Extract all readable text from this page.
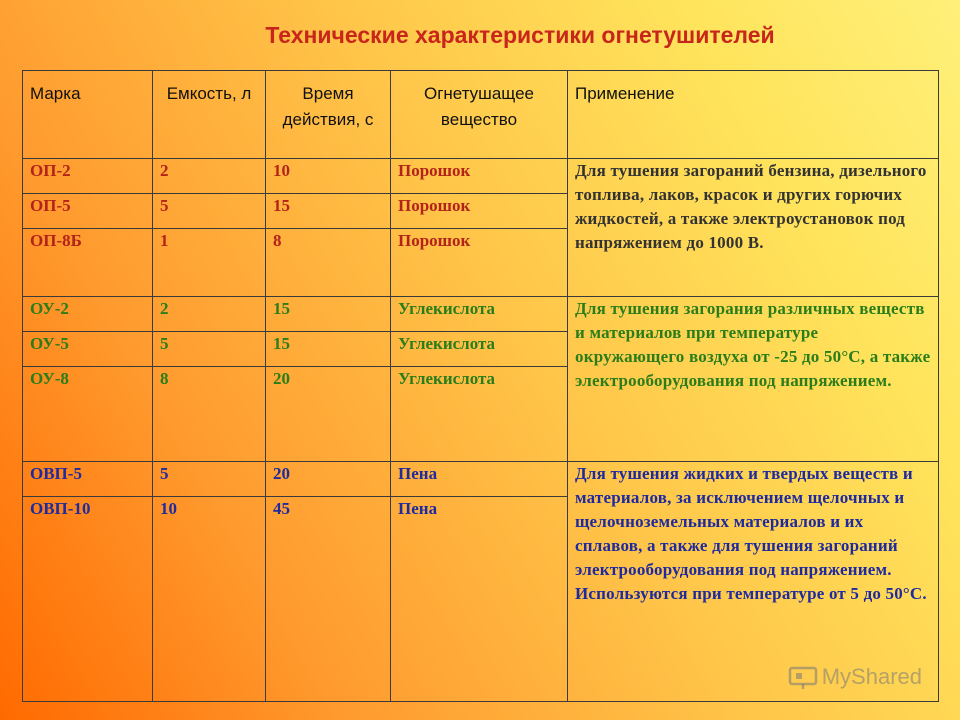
Технические характеристики огнетушителей
Марка	Емкость, л	Время действия, с	Огнетушащее вещество	Применение
ОП-2	2	10	Порошок	Для тушения загораний бензина, дизельного топлива, лаков, красок и других горючих жидкостей, а также электроустановок под напряжением до 1000 В.
ОП-5	5	15	Порошок	
ОП-8Б	1	8	Порошок	
ОУ-2	2	15	Углекислота	Для тушения загорания различных веществ и материалов при температуре окружающего воздуха от -25 до 50°С, а также электрооборудования под напряжением.
ОУ-5	5	15	Углекислота	
ОУ-8	8	20	Углекислота	
ОВП-5	5	20	Пена	Для тушения жидких и твердых веществ и материалов, за исключением щелочных и щелочноземельных материалов и их сплавов, а также для тушения загораний электрооборудования под напряжением. Используются при температуре от 5 до 50°С.
ОВП-10	10	45	Пена	
MyShared
